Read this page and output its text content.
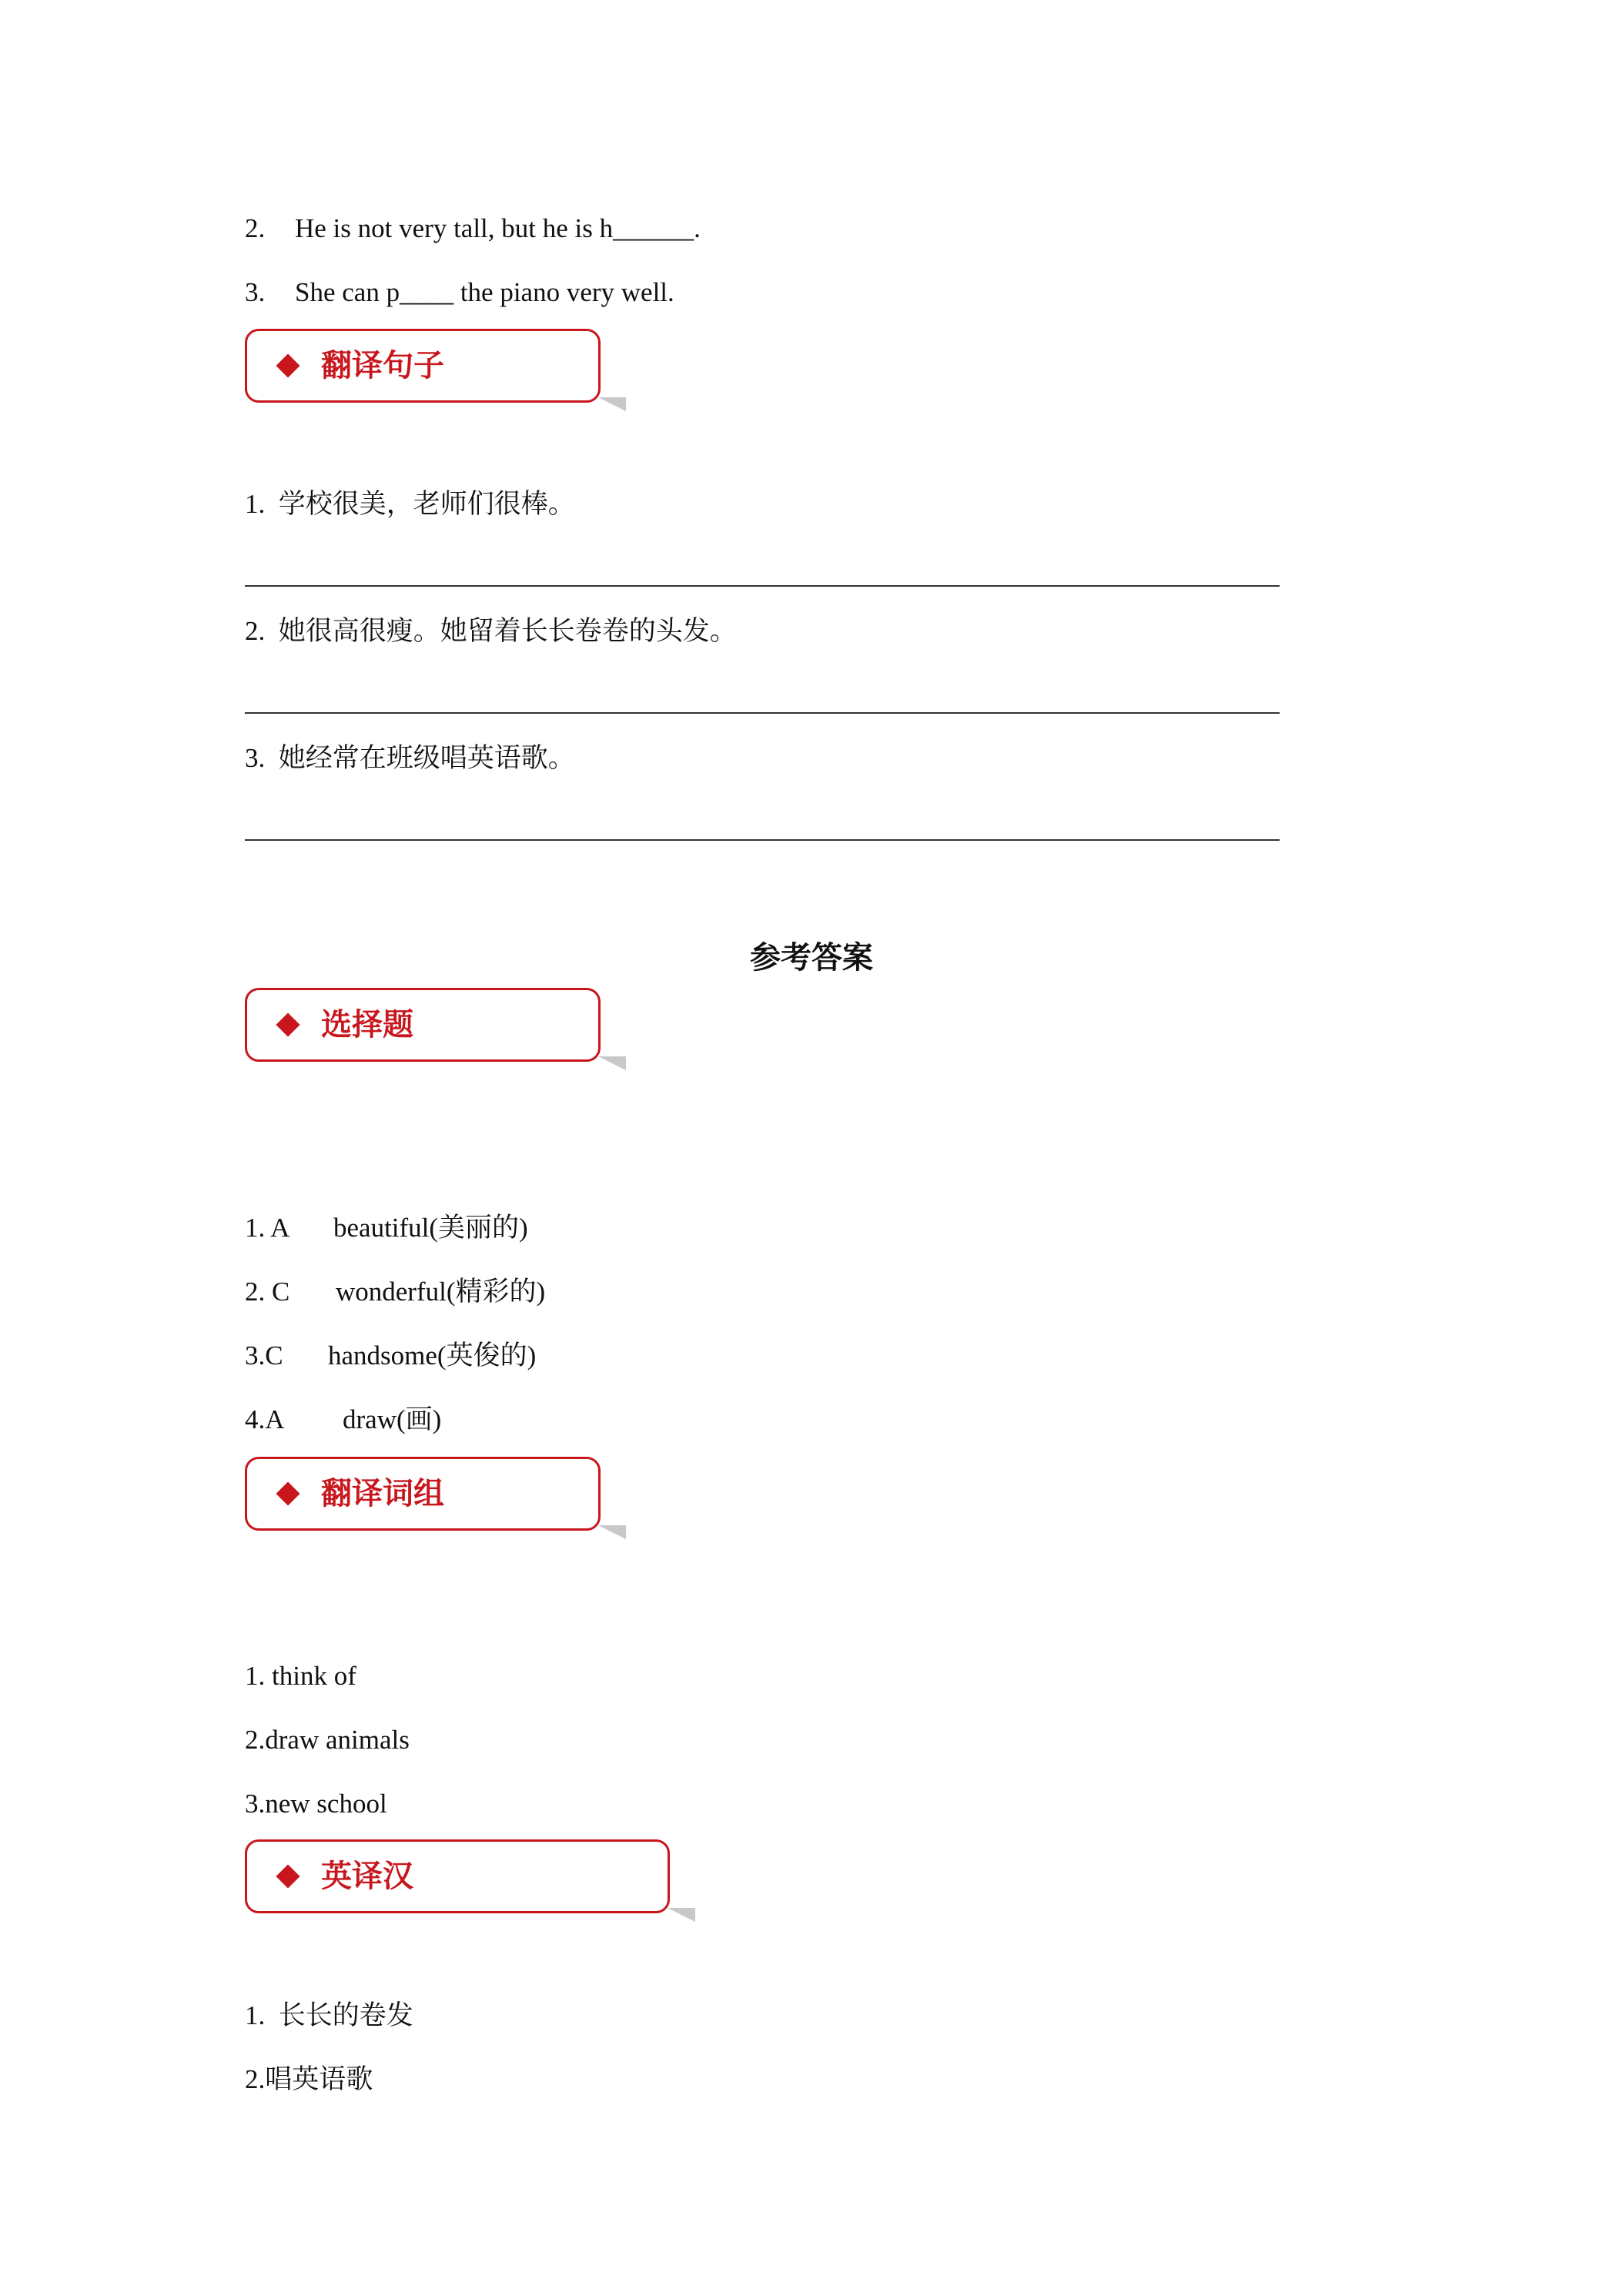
2. He is not very tall, but he is h______.
3. She can p____ the piano very well.
翻译句子
1.  学校很美，老师们很棒。
2.  她很高很瘦。她留着长长卷卷的头发。
3.  她经常在班级唱英语歌。
参考答案
选择题
1. A beautiful(美丽的)
2. C wonderful(精彩的)
3.C handsome(英俊的)
4.A draw(画)
翻译词组
1. think of
2.draw animals
3.new school
英译汉
1.  长长的卷发
2.唱英语歌
